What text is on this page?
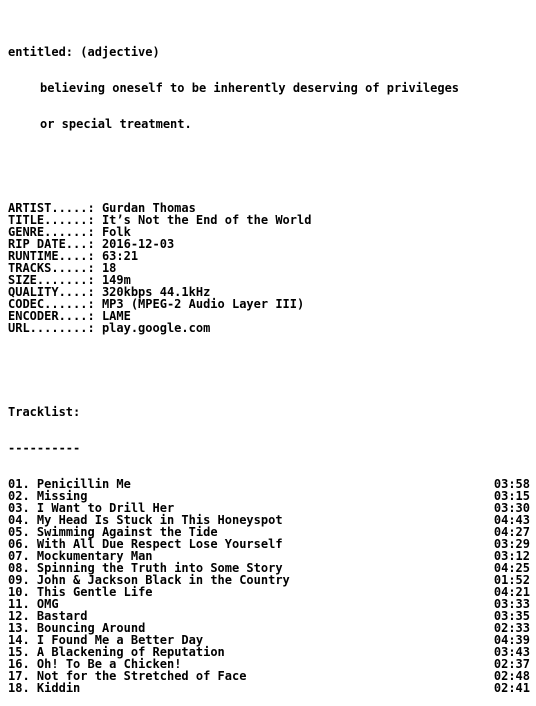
entitled: (adjective)

believing oneself to be inherently deserving of privileges

or special treatment.

ARTIST.....: Gurdan Thomas
TITLE......: It’s Not the End of the World
GENRE......: Folk
RIP DATE...: 2016-12-03
RUNTIME....: 63:21
TRACKS.....: 18
SIZE.......: 149m
QUALITY....: 320kbps 44.1kHz
CODEC......: MP3 (MPEG-2 Audio Layer III)
ENCODER....: LAME
URL........: play.google.com

Tracklist:

----------

01. Penicillin Me	03:58
02. Missing	03:15
03. I Want to Drill Her	03:30
04. My Head Is Stuck in This Honeyspot	04:43
05. Swimming Against the Tide	04:27
06. With All Due Respect Lose Yourself	03:29
07. Mockumentary Man	03:12
08. Spinning the Truth into Some Story	04:25
09. John & Jackson Black in the Country	01:52
10. This Gentle Life	04:21
11. OMG	03:33
12. Bastard	03:35
13. Bouncing Around	02:33
14. I Found Me a Better Day	04:39
15. A Blackening of Reputation	03:43
16. Oh! To Be a Chicken!	02:37
17. Not for the Stretched of Face	02:48
18. Kiddin	02:41
